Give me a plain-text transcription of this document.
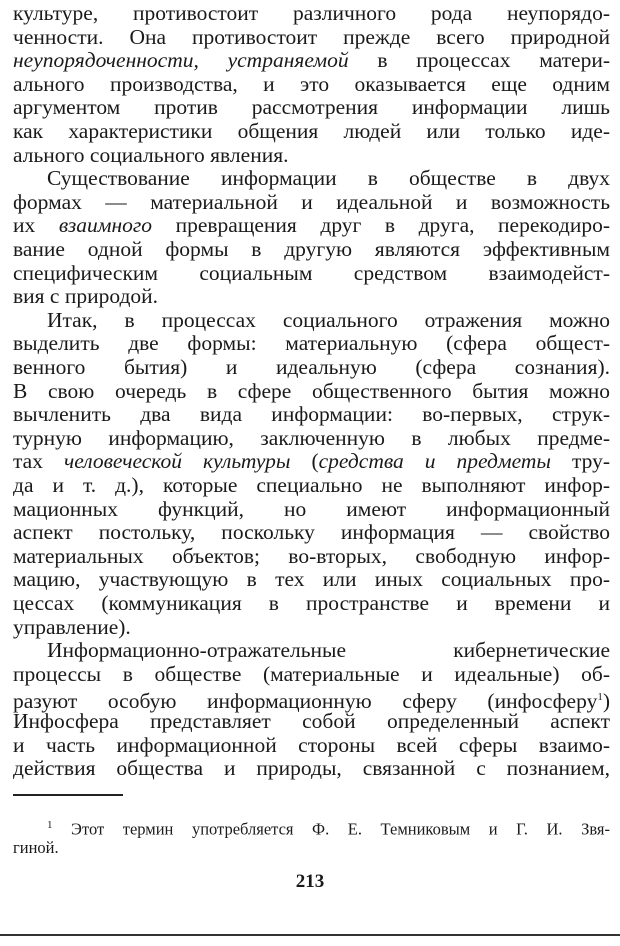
культуре, противостоит различного рода неупорядо-
ченности. Она противостоит прежде всего природной
неупорядоченности, устраняемой в процессах матери-
ального производства, и это оказывается еще одним
аргументом против рассмотрения информации лишь
как характеристики общения людей или только иде-
ального социального явления.
Существование информации в обществе в двух
формах — материальной и идеальной и возможность
их взаимного превращения друг в друга, перекодиро-
вание одной формы в другую являются эффективным
специфическим социальным средством взаимодейст-
вия с природой.
Итак, в процессах социального отражения можно
выделить две формы: материальную (сфера общест-
венного бытия) и идеальную (сфера сознания).
В свою очередь в сфере общественного бытия можно
вычленить два вида информации: во-первых, струк-
турную информацию, заключенную в любых предме-
тах человеческой культуры (средства и предметы тру-
да и т. д.), которые специально не выполняют инфор-
мационных функций, но имеют информационный
аспект постольку, поскольку информация — свойство
материальных объектов; во-вторых, свободную инфор-
мацию, участвующую в тех или иных социальных про-
цессах (коммуникация в пространстве и времени и
управление).
Информационно-отражательные кибернетические
процессы в обществе (материальные и идеальные) об-
разуют особую информационную сферу (инфосферу$^1$)
Инфосфера представляет собой определенный аспект
и часть информационной стороны всей сферы взаимо-
действия общества и природы, связанной с познанием,
$^1$ Этот термин употребляется Ф. Е. Темниковым и Г. И. Звя-
гиной.
213
